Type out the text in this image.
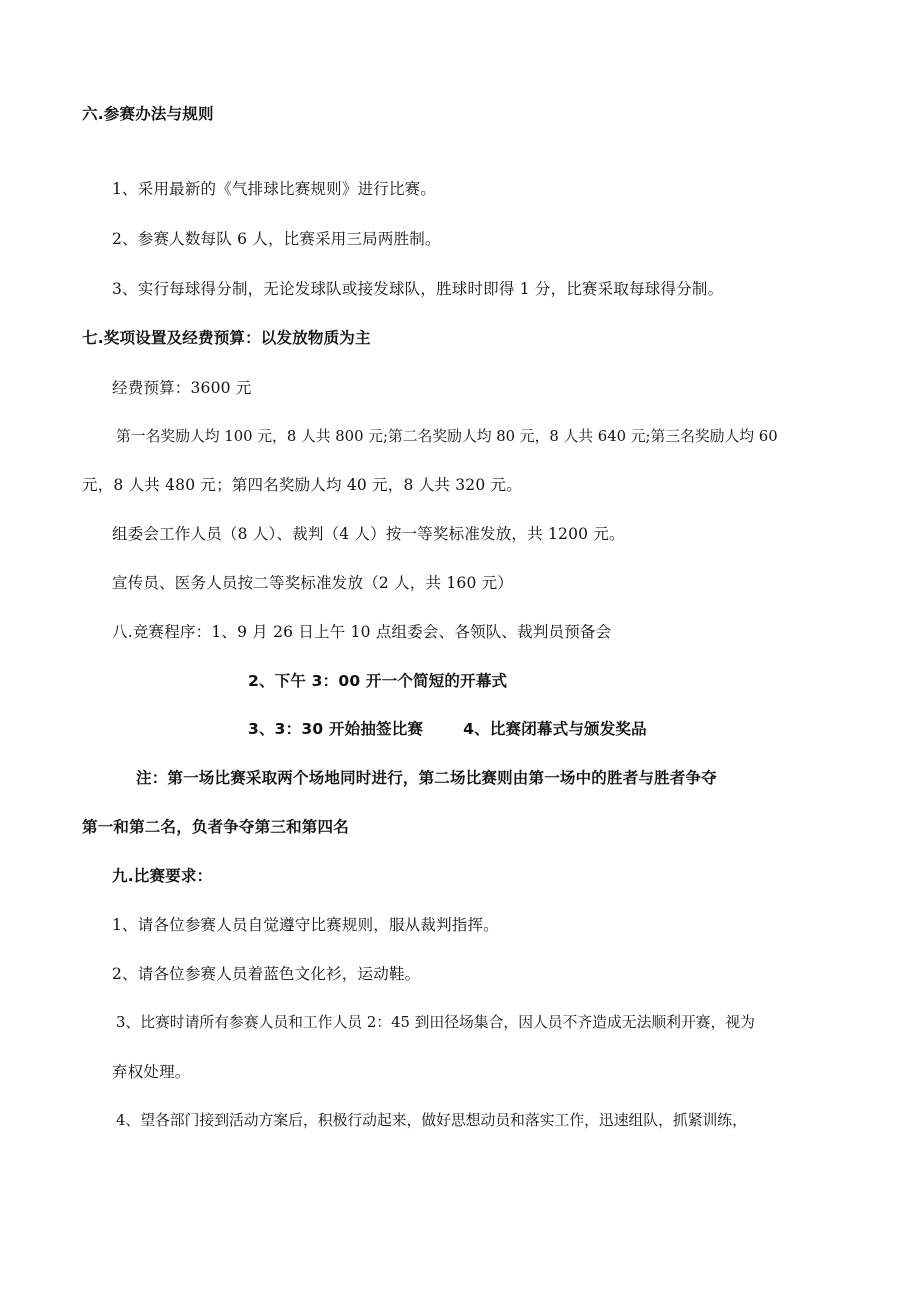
六.参赛办法与规则
1、采用最新的《气排球比赛规则》进行比赛。
2、参赛人数每队 6 人，比赛采用三局两胜制。
3、实行每球得分制，无论发球队或接发球队，胜球时即得 1 分，比赛采取每球得分制。
七.奖项设置及经费预算：以发放物质为主
经费预算：3600 元
第一名奖励人均 100 元，8 人共 800 元;第二名奖励人均 80 元，8 人共 640 元;第三名奖励人均 60
元，8 人共 480 元；第四名奖励人均 40 元，8 人共 320 元。
组委会工作人员（8 人）、裁判（4 人）按一等奖标准发放，共 1200 元。
宣传员、医务人员按二等奖标准发放（2 人，共 160 元）
八.竞赛程序：1、9 月 26 日上午 10 点组委会、各领队、裁判员预备会
2、下午 3：00 开一个简短的开幕式
3、3：30 开始抽签比赛	4、比赛闭幕式与颁发奖品
注：第一场比赛采取两个场地同时进行，第二场比赛则由第一场中的胜者与胜者争夺
第一和第二名，负者争夺第三和第四名
九.比赛要求：
1、请各位参赛人员自觉遵守比赛规则，服从裁判指挥。
2、请各位参赛人员着蓝色文化衫，运动鞋。
3、比赛时请所有参赛人员和工作人员 2：45 到田径场集合，因人员不齐造成无法顺利开赛，视为
弃权处理。
4、望各部门接到活动方案后，积极行动起来，做好思想动员和落实工作，迅速组队，抓紧训练，
